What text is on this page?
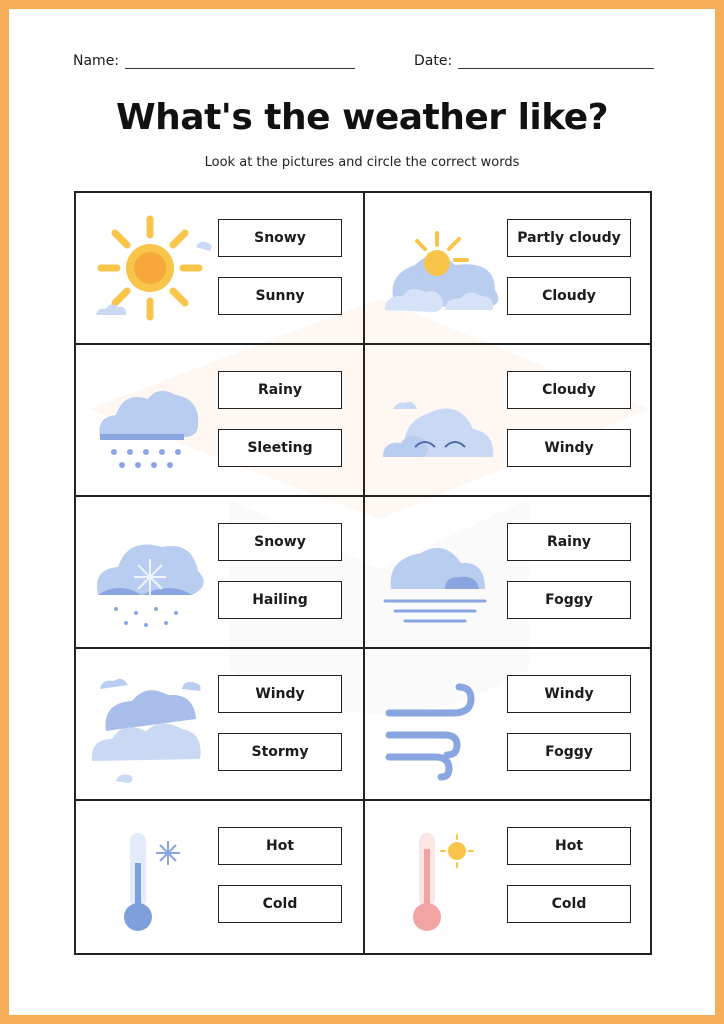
Name:	Date:
What's the weather like?
Look at the pictures and circle the correct words
Snowy
Sunny
Partly cloudy
Cloudy
Rainy
Sleeting
Cloudy
Windy
Snowy
Hailing
Rainy
Foggy
Windy
Stormy
Windy
Foggy
Hot
Cold
Hot
Cold
